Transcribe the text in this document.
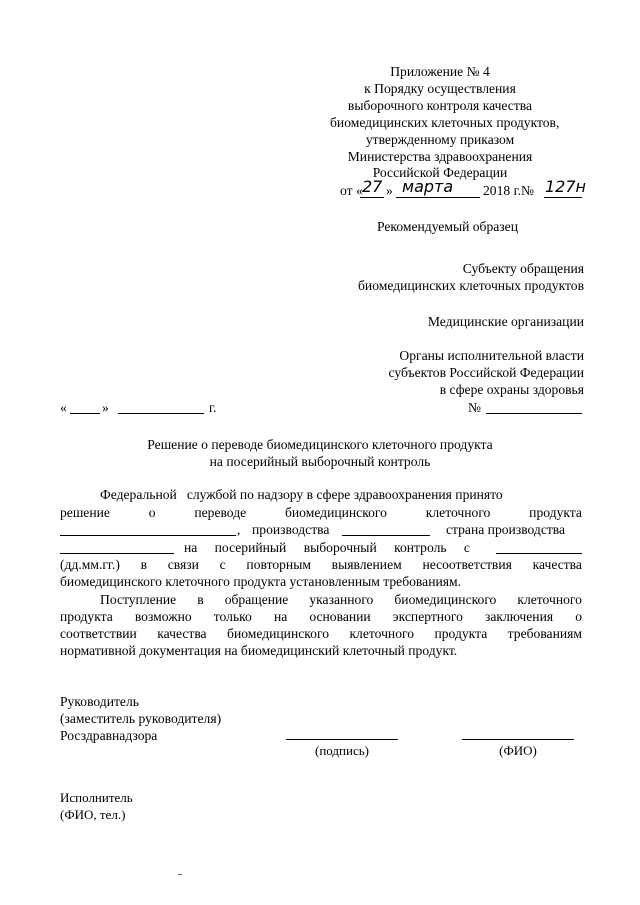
Приложение № 4
к Порядку осуществления
выборочного контроля качества
биомедицинских клеточных продуктов,
утвержденному приказом
Министерства здравоохранения
Российской Федерации
от « 27 » марта 2018 г.№ 127н
Рекомендуемый образец
Субъекту обращения
биомедицинских клеточных продуктов
Медицинские организации
Органы исполнительной власти
субъектов Российской Федерации
в сфере охраны здоровья
«	»	г.	№
Решение о переводе биомедицинского клеточного продукта
на посерийный выборочный контроль
Федеральной службой по надзору в сфере здравоохранения принято
решение	о	переводе	биомедицинского	клеточного	продукта
, производства	страна производства
на посерийный выборочный контроль с
(дд.мм.гг.) в связи с повторным выявлением несоответствия качества
биомедицинского клеточного продукта установленным требованиям.
Поступление в обращение указанного биомедицинского клеточного
продукта возможно только на основании экспертного заключения о
соответствии качества биомедицинского клеточного продукта требованиям
нормативной документация на биомедицинский клеточный продукт.
Руководитель
(заместитель руководителя)
Росздравнадзора
(подпись)	(ФИО)
Исполнитель
(ФИО, тел.)
